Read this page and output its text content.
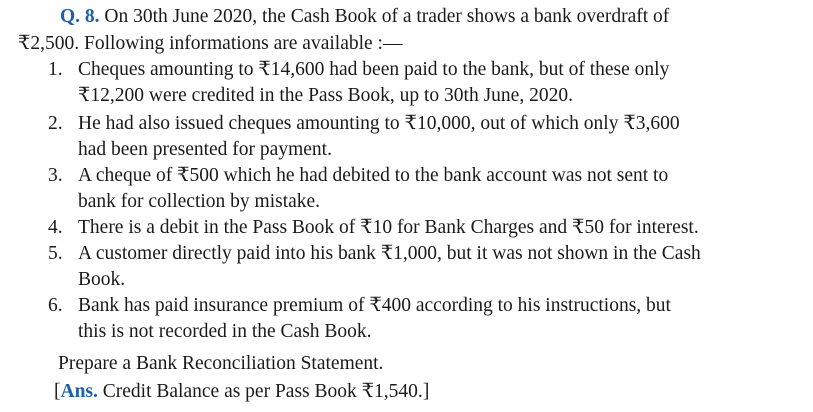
Q. 8. On 30th June 2020, the Cash Book of a trader shows a bank overdraft of
₹2,500. Following informations are available :—
1. Cheques amounting to ₹14,600 had been paid to the bank, but of these only
₹12,200 were credited in the Pass Book, up to 30th June, 2020.
2. He had also issued cheques amounting to ₹10,000, out of which only ₹3,600
had been presented for payment.
3. A cheque of ₹500 which he had debited to the bank account was not sent to
bank for collection by mistake.
4. There is a debit in the Pass Book of ₹10 for Bank Charges and ₹50 for interest.
5. A customer directly paid into his bank ₹1,000, but it was not shown in the Cash
Book.
6. Bank has paid insurance premium of ₹400 according to his instructions, but
this is not recorded in the Cash Book.
Prepare a Bank Reconciliation Statement.
[Ans. Credit Balance as per Pass Book ₹1,540.]
